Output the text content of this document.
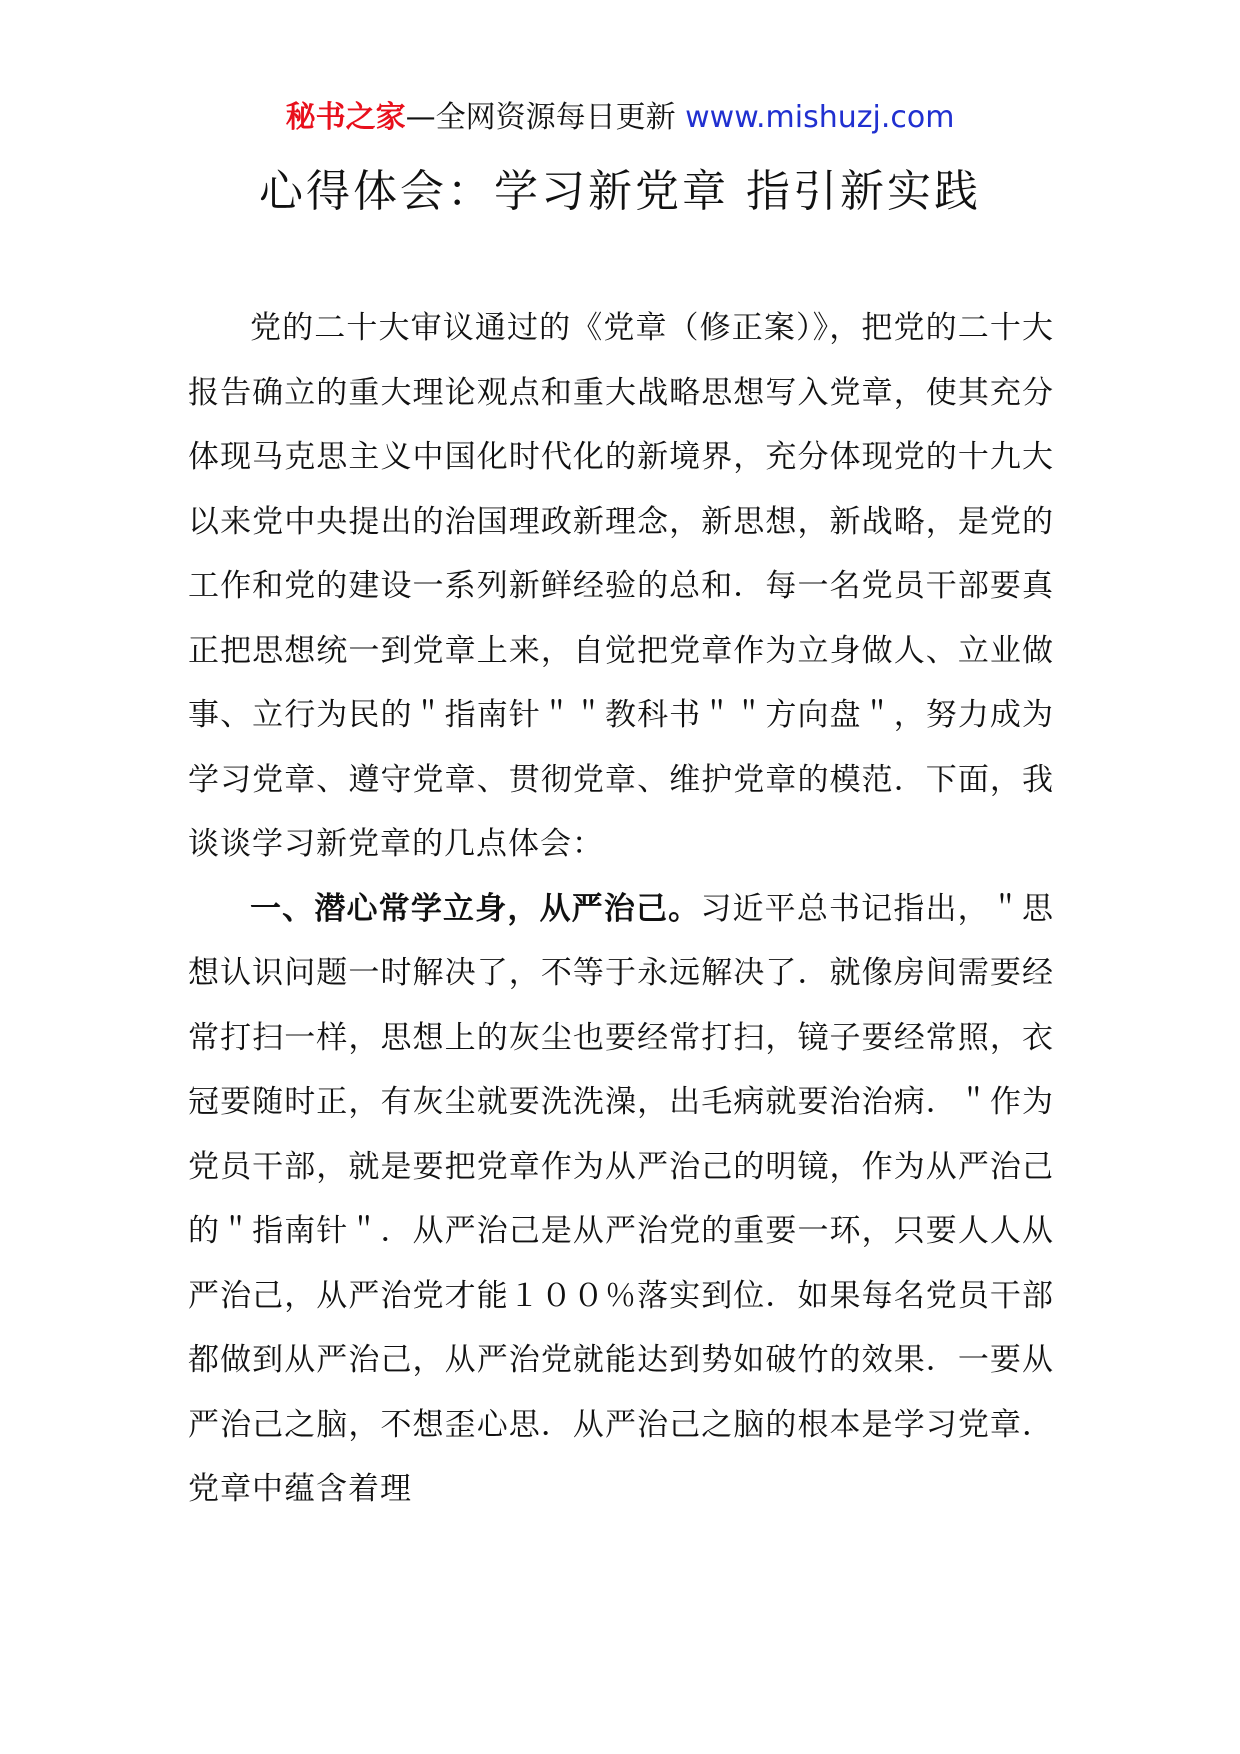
秘书之家—全网资源每日更新 www.mishuzj.com
心得体会：学习新党章 指引新实践

党的二十大审议通过的《党章（修正案）》，把党的二十大报告确立的重大理论观点和重大战略思想写入党章，使其充分体现马克思主义中国化时代化的新境界，充分体现党的十九大以来党中央提出的治国理政新理念，新思想，新战略，是党的工作和党的建设一系列新鲜经验的总和．每一名党员干部要真正把思想统一到党章上来，自觉把党章作为立身做人、立业做事、立行为民的＂指南针＂＂教科书＂＂方向盘＂，努力成为学习党章、遵守党章、贯彻党章、维护党章的模范．下面，我谈谈学习新党章的几点体会：

一、潜心常学立身，从严治己。习近平总书记指出，＂思想认识问题一时解决了，不等于永远解决了．就像房间需要经常打扫一样，思想上的灰尘也要经常打扫，镜子要经常照，衣冠要随时正，有灰尘就要洗洗澡，出毛病就要治治病．＂作为党员干部，就是要把党章作为从严治己的明镜，作为从严治己的＂指南针＂．从严治己是从严治党的重要一环，只要人人从严治己，从严治党才能１００％落实到位．如果每名党员干部都做到从严治己，从严治党就能达到势如破竹的效果．一要从严治己之脑，不想歪心思．从严治己之脑的根本是学习党章．党章中蕴含着理
